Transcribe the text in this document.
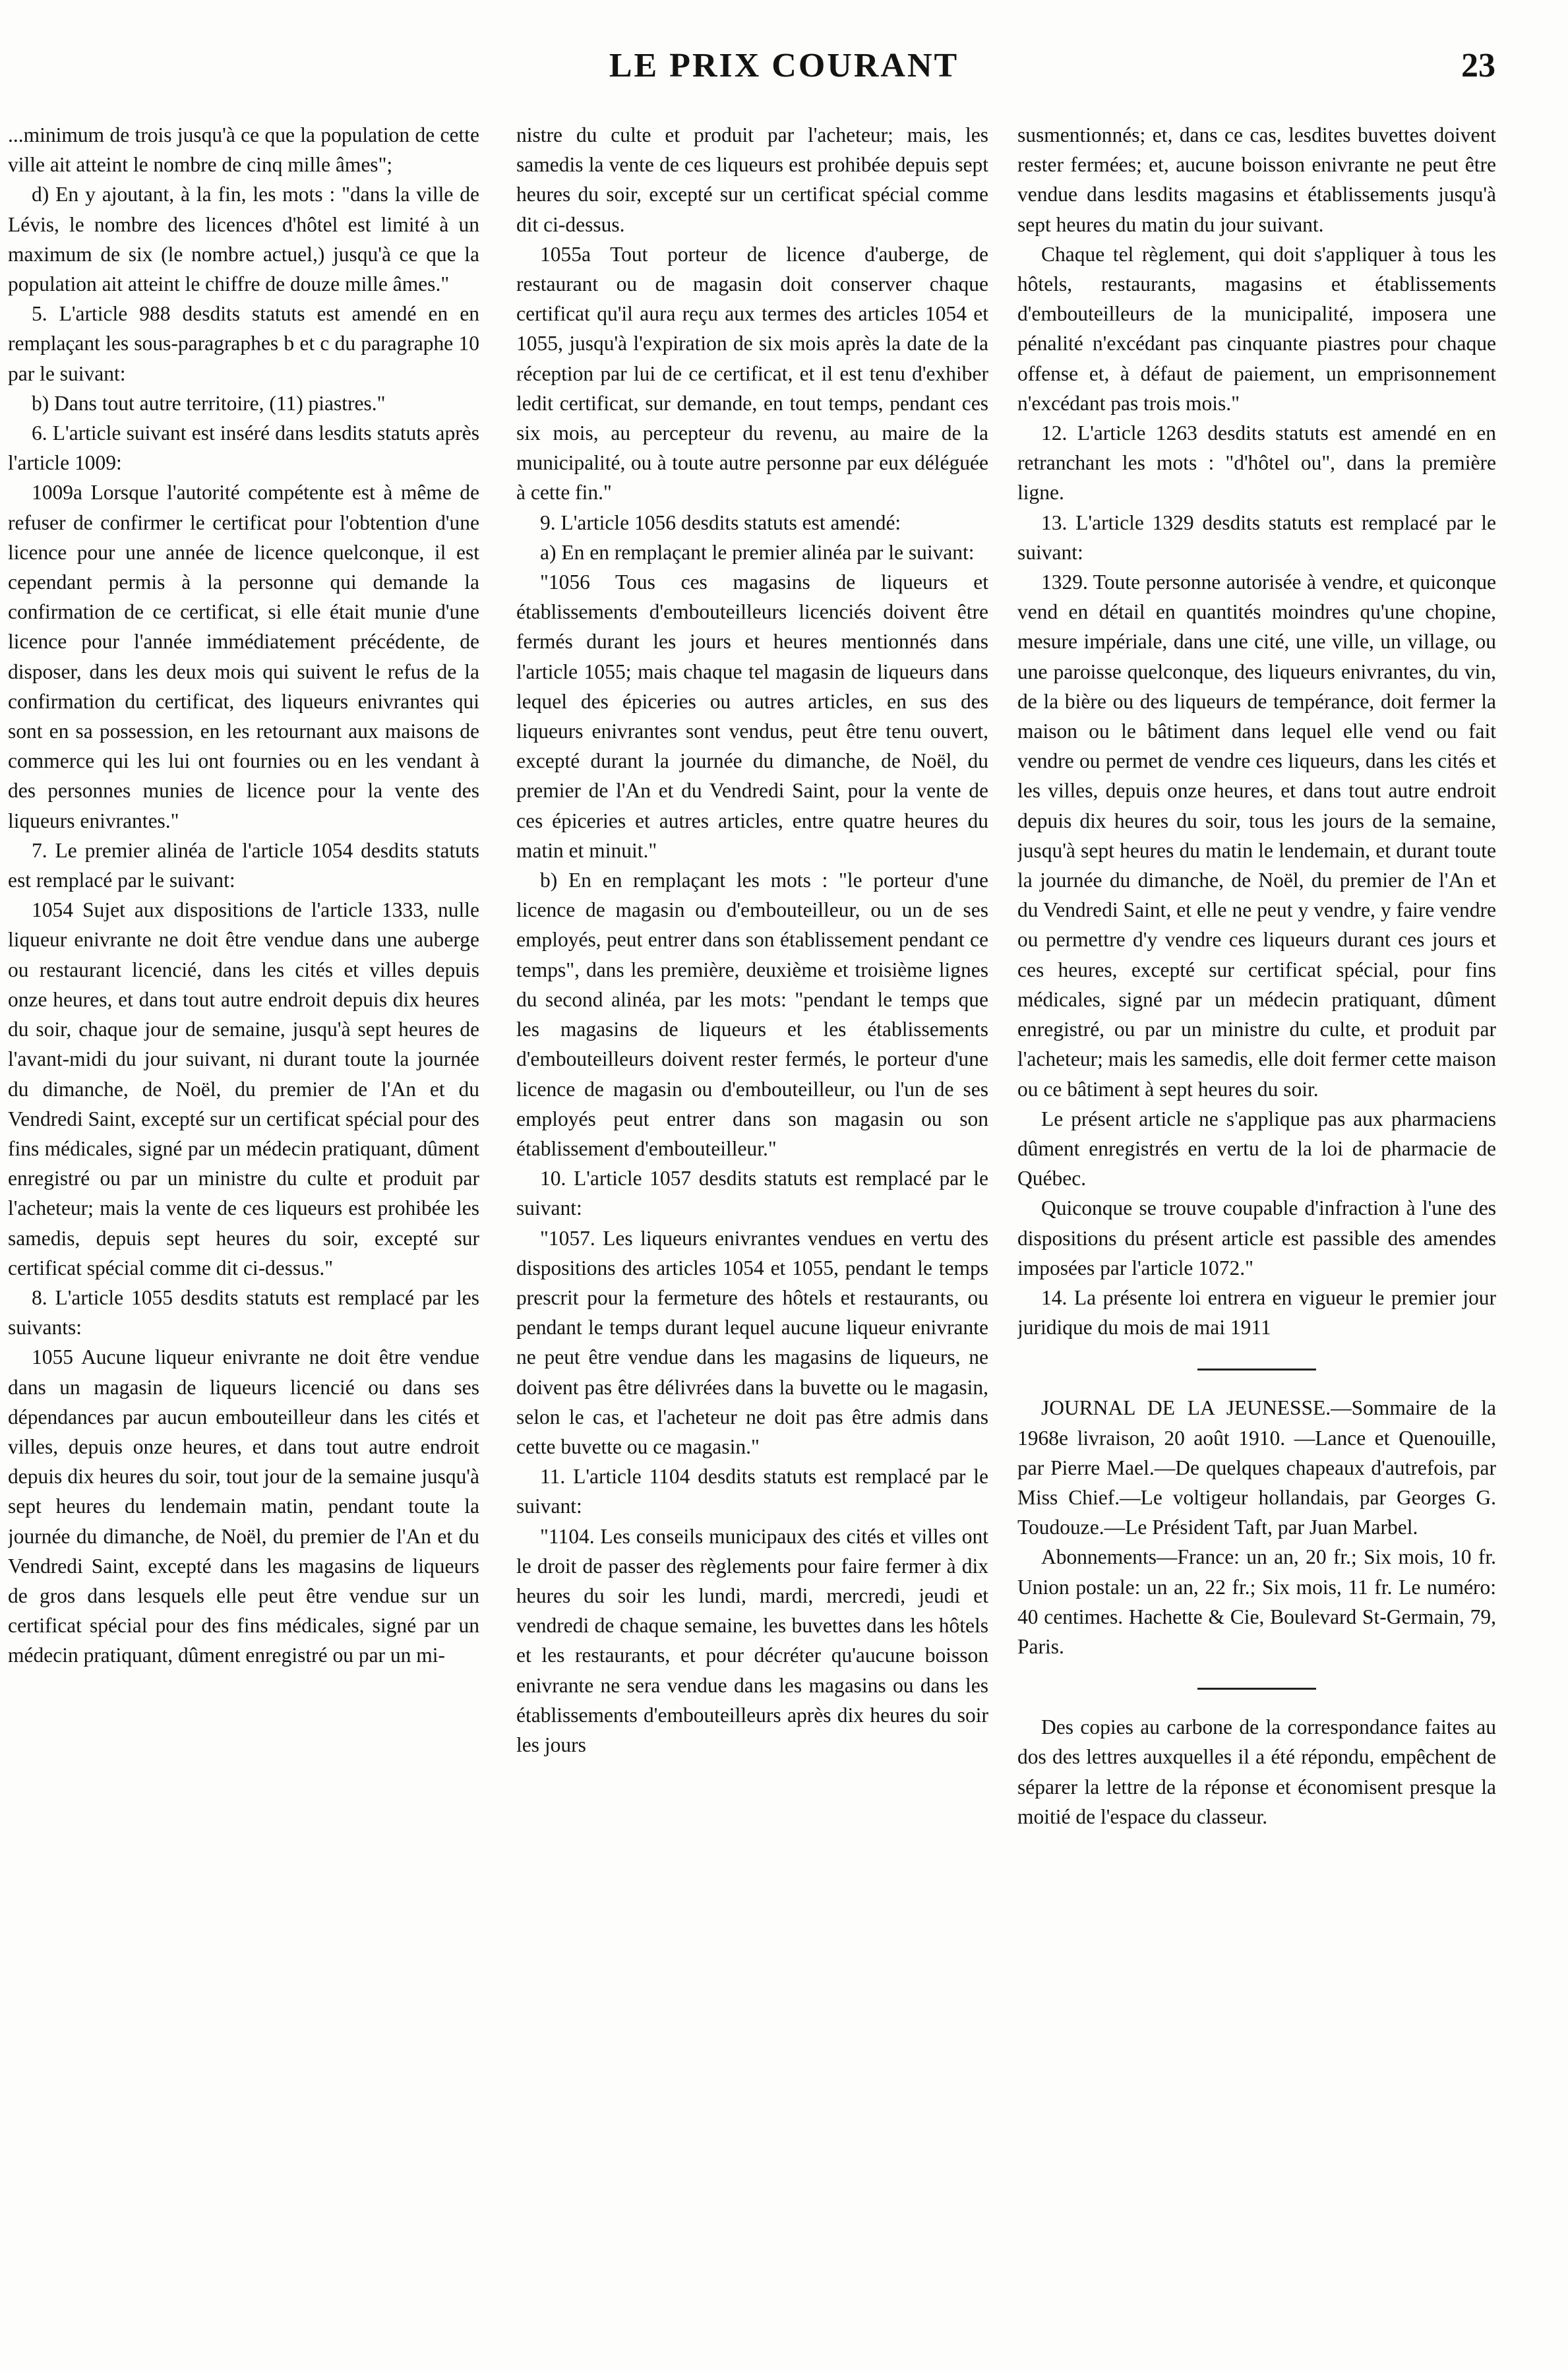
LE PRIX COURANT	23

...minimum de trois jusqu'à ce que la population de cette ville ait atteint le nombre de cinq mille âmes";

d) En y ajoutant, à la fin, les mots : "dans la ville de Lévis, le nombre des licences d'hôtel est limité à un maximum de six (le nombre actuel,) jusqu'à ce que la population ait atteint le chiffre de douze mille âmes."

5. L'article 988 desdits statuts est amendé en en remplaçant les sous-paragraphes b et c du paragraphe 10 par le suivant:

b) Dans tout autre territoire, (11) piastres."

6. L'article suivant est inséré dans lesdits statuts après l'article 1009:

1009a Lorsque l'autorité compétente est à même de refuser de confirmer le certificat pour l'obtention d'une licence pour une année de licence quelconque, il est cependant permis à la personne qui demande la confirmation de ce certificat, si elle était munie d'une licence pour l'année immédiatement précédente, de disposer, dans les deux mois qui suivent le refus de la confirmation du certificat, des liqueurs enivrantes qui sont en sa possession, en les retournant aux maisons de commerce qui les lui ont fournies ou en les vendant à des personnes munies de licence pour la vente des liqueurs enivrantes."

7. Le premier alinéa de l'article 1054 desdits statuts est remplacé par le suivant:

1054 Sujet aux dispositions de l'article 1333, nulle liqueur enivrante ne doit être vendue dans une auberge ou restaurant licencié, dans les cités et villes depuis onze heures, et dans tout autre endroit depuis dix heures du soir, chaque jour de semaine, jusqu'à sept heures de l'avant-midi du jour suivant, ni durant toute la journée du dimanche, de Noël, du premier de l'An et du Vendredi Saint, excepté sur un certificat spécial pour des fins médicales, signé par un médecin pratiquant, dûment enregistré ou par un ministre du culte et produit par l'acheteur; mais la vente de ces liqueurs est prohibée les samedis, depuis sept heures du soir, excepté sur certificat spécial comme dit ci-dessus."

8. L'article 1055 desdits statuts est remplacé par les suivants:

1055 Aucune liqueur enivrante ne doit être vendue dans un magasin de liqueurs licencié ou dans ses dépendances par aucun embouteilleur dans les cités et villes, depuis onze heures, et dans tout autre endroit depuis dix heures du soir, tout jour de la semaine jusqu'à sept heures du lendemain matin, pendant toute la journée du dimanche, de Noël, du premier de l'An et du Vendredi Saint, excepté dans les magasins de liqueurs de gros dans lesquels elle peut être vendue sur un certificat spécial pour des fins médicales, signé par un médecin pratiquant, dûment enregistré ou par un mi-

nistre du culte et produit par l'acheteur; mais, les samedis la vente de ces liqueurs est prohibée depuis sept heures du soir, excepté sur un certificat spécial comme dit ci-dessus.

1055a Tout porteur de licence d'auberge, de restaurant ou de magasin doit conserver chaque certificat qu'il aura reçu aux termes des articles 1054 et 1055, jusqu'à l'expiration de six mois après la date de la réception par lui de ce certificat, et il est tenu d'exhiber ledit certificat, sur demande, en tout temps, pendant ces six mois, au percepteur du revenu, au maire de la municipalité, ou à toute autre personne par eux déléguée à cette fin."

9. L'article 1056 desdits statuts est amendé:

a) En en remplaçant le premier alinéa par le suivant:

"1056 Tous ces magasins de liqueurs et établissements d'embouteilleurs licenciés doivent être fermés durant les jours et heures mentionnés dans l'article 1055; mais chaque tel magasin de liqueurs dans lequel des épiceries ou autres articles, en sus des liqueurs enivrantes sont vendus, peut être tenu ouvert, excepté durant la journée du dimanche, de Noël, du premier de l'An et du Vendredi Saint, pour la vente de ces épiceries et autres articles, entre quatre heures du matin et minuit."

b) En en remplaçant les mots : "le porteur d'une licence de magasin ou d'embouteilleur, ou un de ses employés, peut entrer dans son établissement pendant ce temps", dans les première, deuxième et troisième lignes du second alinéa, par les mots: "pendant le temps que les magasins de liqueurs et les établissements d'embouteilleurs doivent rester fermés, le porteur d'une licence de magasin ou d'embouteilleur, ou l'un de ses employés peut entrer dans son magasin ou son établissement d'embouteilleur."

10. L'article 1057 desdits statuts est remplacé par le suivant:

"1057. Les liqueurs enivrantes vendues en vertu des dispositions des articles 1054 et 1055, pendant le temps prescrit pour la fermeture des hôtels et restaurants, ou pendant le temps durant lequel aucune liqueur enivrante ne peut être vendue dans les magasins de liqueurs, ne doivent pas être délivrées dans la buvette ou le magasin, selon le cas, et l'acheteur ne doit pas être admis dans cette buvette ou ce magasin."

11. L'article 1104 desdits statuts est remplacé par le suivant:

"1104. Les conseils municipaux des cités et villes ont le droit de passer des règlements pour faire fermer à dix heures du soir les lundi, mardi, mercredi, jeudi et vendredi de chaque semaine, les buvettes dans les hôtels et les restaurants, et pour décréter qu'aucune boisson enivrante ne sera vendue dans les magasins ou dans les établissements d'embouteilleurs après dix heures du soir les jours

susmentionnés; et, dans ce cas, lesdites buvettes doivent rester fermées; et, aucune boisson enivrante ne peut être vendue dans lesdits magasins et établissements jusqu'à sept heures du matin du jour suivant.

Chaque tel règlement, qui doit s'appliquer à tous les hôtels, restaurants, magasins et établissements d'embouteilleurs de la municipalité, imposera une pénalité n'excédant pas cinquante piastres pour chaque offense et, à défaut de paiement, un emprisonnement n'excédant pas trois mois."

12. L'article 1263 desdits statuts est amendé en en retranchant les mots : "d'hôtel ou", dans la première ligne.

13. L'article 1329 desdits statuts est remplacé par le suivant:

1329. Toute personne autorisée à vendre, et quiconque vend en détail en quantités moindres qu'une chopine, mesure impériale, dans une cité, une ville, un village, ou une paroisse quelconque, des liqueurs enivrantes, du vin, de la bière ou des liqueurs de tempérance, doit fermer la maison ou le bâtiment dans lequel elle vend ou fait vendre ou permet de vendre ces liqueurs, dans les cités et les villes, depuis onze heures, et dans tout autre endroit depuis dix heures du soir, tous les jours de la semaine, jusqu'à sept heures du matin le lendemain, et durant toute la journée du dimanche, de Noël, du premier de l'An et du Vendredi Saint, et elle ne peut y vendre, y faire vendre ou permettre d'y vendre ces liqueurs durant ces jours et ces heures, excepté sur certificat spécial, pour fins médicales, signé par un médecin pratiquant, dûment enregistré, ou par un ministre du culte, et produit par l'acheteur; mais les samedis, elle doit fermer cette maison ou ce bâtiment à sept heures du soir.

Le présent article ne s'applique pas aux pharmaciens dûment enregistrés en vertu de la loi de pharmacie de Québec.

Quiconque se trouve coupable d'infraction à l'une des dispositions du présent article est passible des amendes imposées par l'article 1072."

14. La présente loi entrera en vigueur le premier jour juridique du mois de mai 1911

JOURNAL DE LA JEUNESSE.—Sommaire de la 1968e livraison, 20 août 1910. —Lance et Quenouille, par Pierre Mael.—De quelques chapeaux d'autrefois, par Miss Chief.—Le voltigeur hollandais, par Georges G. Toudouze.—Le Président Taft, par Juan Marbel.

Abonnements—France: un an, 20 fr.; Six mois, 10 fr. Union postale: un an, 22 fr.; Six mois, 11 fr. Le numéro: 40 centimes. Hachette & Cie, Boulevard St-Germain, 79, Paris.

Des copies au carbone de la correspondance faites au dos des lettres auxquelles il a été répondu, empêchent de séparer la lettre de la réponse et économisent presque la moitié de l'espace du classeur.
